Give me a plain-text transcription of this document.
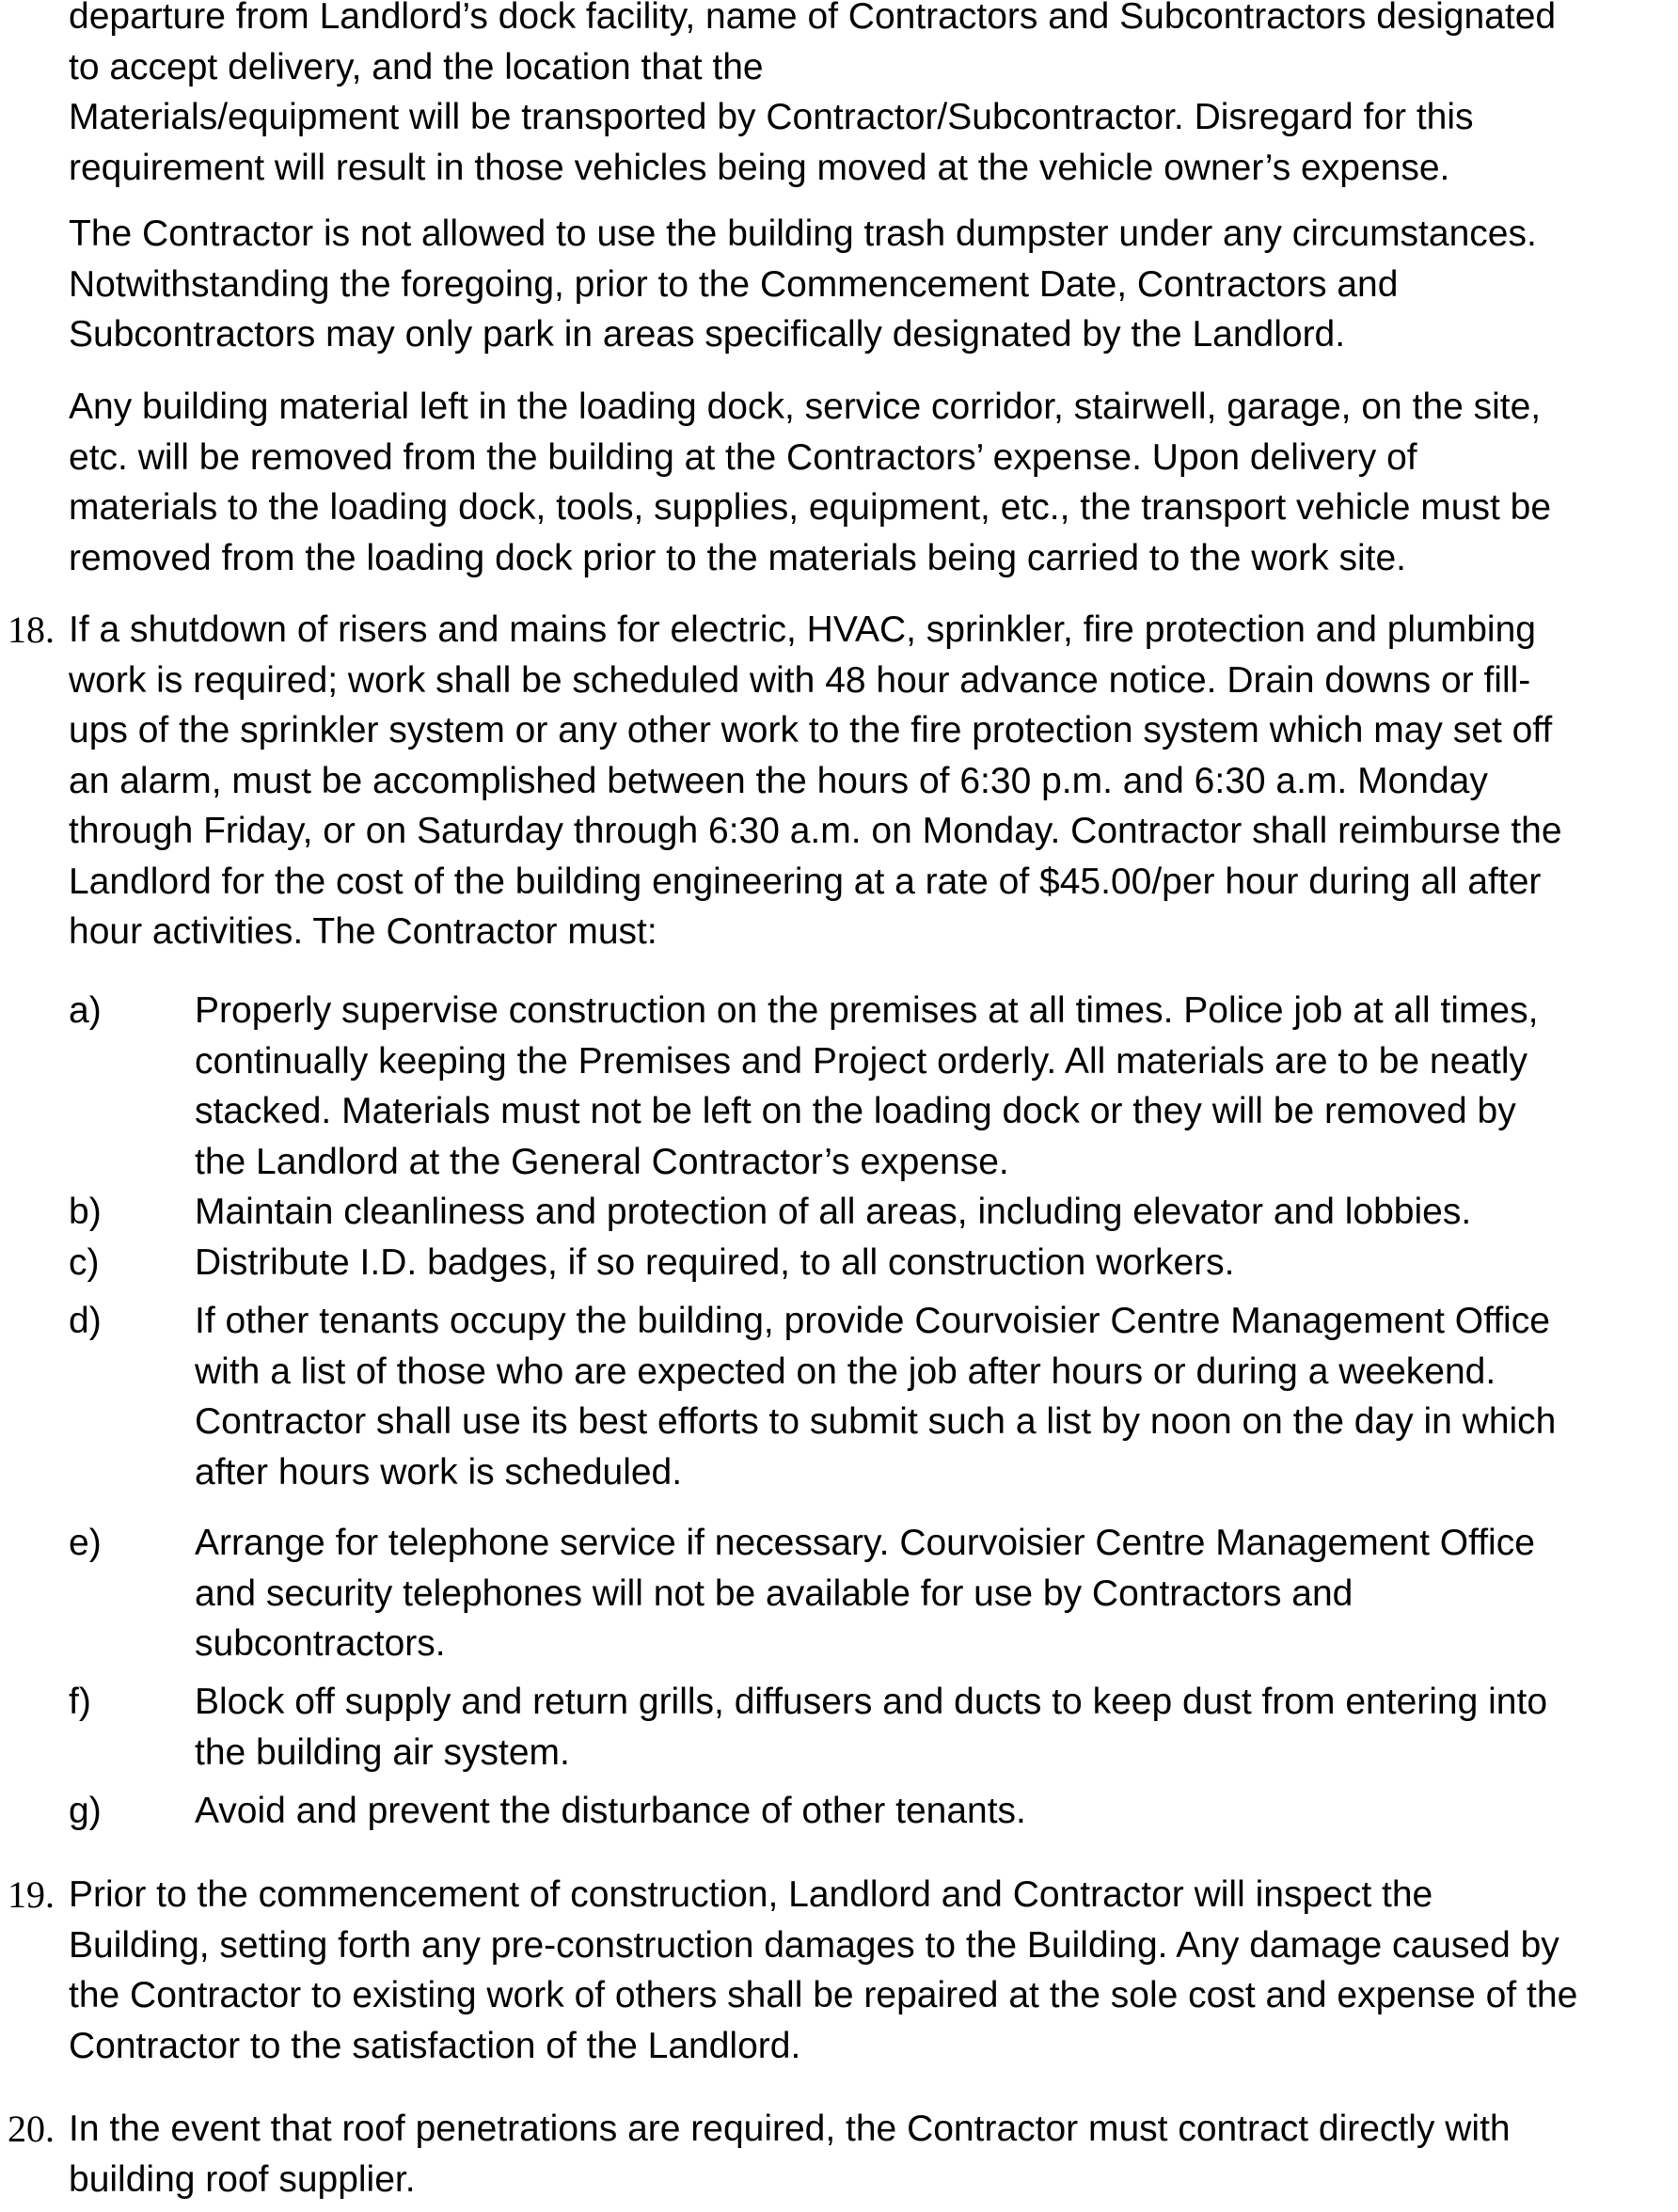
departure from Landlord’s dock facility, name of Contractors and Subcontractors designated
to accept delivery, and the location that the
Materials/equipment will be transported by Contractor/Subcontractor. Disregard for this
requirement will result in those vehicles being moved at the vehicle owner’s expense.

The Contractor is not allowed to use the building trash dumpster under any circumstances.
Notwithstanding the foregoing, prior to the Commencement Date, Contractors and
Subcontractors may only park in areas specifically designated by the Landlord.

Any building material left in the loading dock, service corridor, stairwell, garage, on the site,
etc. will be removed from the building at the Contractors’ expense. Upon delivery of
materials to the loading dock, tools, supplies, equipment, etc., the transport vehicle must be
removed from the loading dock prior to the materials being carried to the work site.

18. If a shutdown of risers and mains for electric, HVAC, sprinkler, fire protection and plumbing
work is required; work shall be scheduled with 48 hour advance notice. Drain downs or fill-
ups of the sprinkler system or any other work to the fire protection system which may set off
an alarm, must be accomplished between the hours of 6:30 p.m. and 6:30 a.m. Monday
through Friday, or on Saturday through 6:30 a.m. on Monday. Contractor shall reimburse the
Landlord for the cost of the building engineering at a rate of $45.00/per hour during all after
hour activities. The Contractor must:

a)	Properly supervise construction on the premises at all times. Police job at all times,
continually keeping the Premises and Project orderly. All materials are to be neatly
stacked. Materials must not be left on the loading dock or they will be removed by
the Landlord at the General Contractor’s expense.

b)	Maintain cleanliness and protection of all areas, including elevator and lobbies.

c)	Distribute I.D. badges, if so required, to all construction workers.

d)	If other tenants occupy the building, provide Courvoisier Centre Management Office
with a list of those who are expected on the job after hours or during a weekend.
Contractor shall use its best efforts to submit such a list by noon on the day in which
after hours work is scheduled.

e)	Arrange for telephone service if necessary. Courvoisier Centre Management Office
and security telephones will not be available for use by Contractors and
subcontractors.

f)	Block off supply and return grills, diffusers and ducts to keep dust from entering into
the building air system.

g)	Avoid and prevent the disturbance of other tenants.

19. Prior to the commencement of construction, Landlord and Contractor will inspect the
Building, setting forth any pre-construction damages to the Building. Any damage caused by
the Contractor to existing work of others shall be repaired at the sole cost and expense of the
Contractor to the satisfaction of the Landlord.

20. In the event that roof penetrations are required, the Contractor must contract directly with
building roof supplier.
